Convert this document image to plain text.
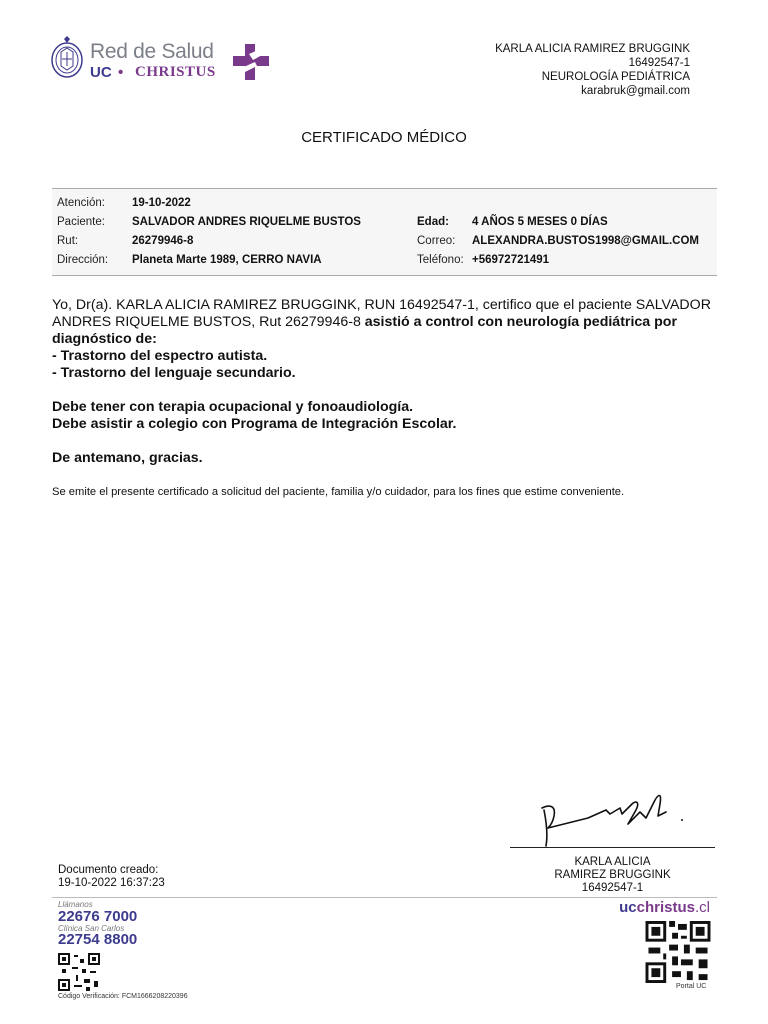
Red de Salud
UC • CHRISTUS
KARLA ALICIA RAMIREZ BRUGGINK
16492547-1
NEUROLOGÍA PEDIÁTRICA
karabruk@gmail.com
CERTIFICADO MÉDICO
Atención: 19-10-2022
Paciente: SALVADOR ANDRES RIQUELME BUSTOS	Edad: 4 AÑOS 5 MESES 0 DÍAS
Rut:	26279946-8	Correo: ALEXANDRA.BUSTOS1998@GMAIL.COM
Dirección: Planeta Marte 1989, CERRO NAVIA	Teléfono: +56972721491

Yo, Dr(a). KARLA ALICIA RAMIREZ BRUGGINK, RUN 16492547-1, certifico que el paciente SALVADOR ANDRES RIQUELME BUSTOS, Rut 26279946-8 asistió a control con neurología pediátrica por diagnóstico de:

- Trastorno del espectro autista.

- Trastorno del lenguaje secundario.

Debe tener con terapia ocupacional y fonoaudiología.

Debe asistir a colegio con Programa de Integración Escolar.

De antemano, gracias.

Se emite el presente certificado a solicitud del paciente, familia y/o cuidador, para los fines que estime conveniente.
KARLA ALICIA
RAMIREZ BRUGGINK
16492547-1
Documento creado:
19-10-2022 16:37:23
Llámanos
22676 7000
Clínica San Carlos
22754 8800
Código Verificación: FCM1666208220396
ucchristus.cl
Portal UC
